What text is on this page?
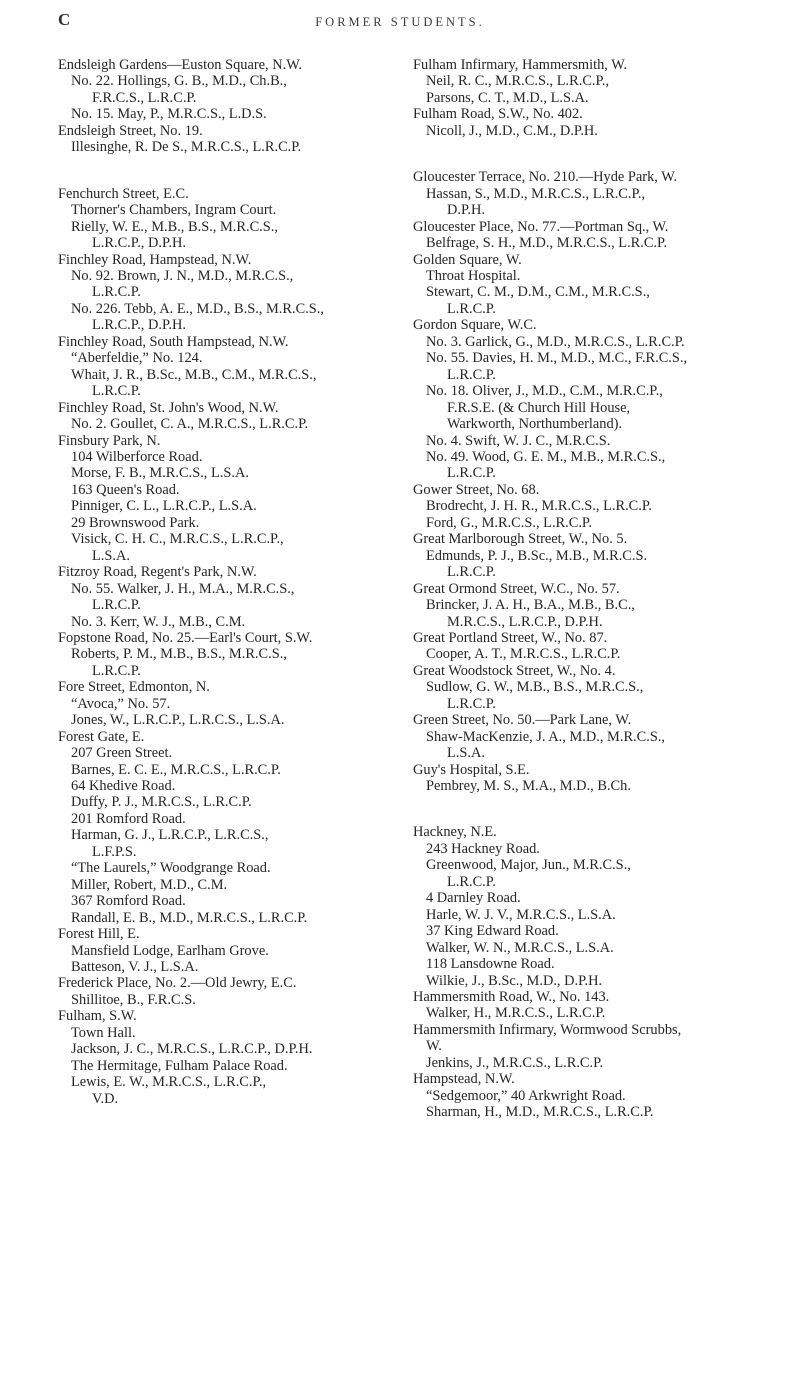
C	FORMER STUDENTS.
Endsleigh Gardens—Euston Square, N.W.
No. 22. Hollings, G. B., M.D., Ch.B.,
F.R.C.S., L.R.C.P.
No. 15. May, P., M.R.C.S., L.D.S.
Endsleigh Street, No. 19.
Illesinghe, R. De S., M.R.C.S., L.R.C.P.
Fenchurch Street, E.C.
Thorner's Chambers, Ingram Court.
Rielly, W. E., M.B., B.S., M.R.C.S.,
L.R.C.P., D.P.H.
Finchley Road, Hampstead, N.W.
No. 92. Brown, J. N., M.D., M.R.C.S.,
L.R.C.P.
No. 226. Tebb, A. E., M.D., B.S., M.R.C.S.,
L.R.C.P., D.P.H.
Finchley Road, South Hampstead, N.W.
“Aberfeldie,” No. 124.
Whait, J. R., B.Sc., M.B., C.M., M.R.C.S.,
L.R.C.P.
Finchley Road, St. John's Wood, N.W.
No. 2. Goullet, C. A., M.R.C.S., L.R.C.P.
Finsbury Park, N.
104 Wilberforce Road.
Morse, F. B., M.R.C.S., L.S.A.
163 Queen's Road.
Pinniger, C. L., L.R.C.P., L.S.A.
29 Brownswood Park.
Visick, C. H. C., M.R.C.S., L.R.C.P.,
L.S.A.
Fitzroy Road, Regent's Park, N.W.
No. 55. Walker, J. H., M.A., M.R.C.S.,
L.R.C.P.
No. 3. Kerr, W. J., M.B., C.M.
Fopstone Road, No. 25.—Earl's Court, S.W.
Roberts, P. M., M.B., B.S., M.R.C.S.,
L.R.C.P.
Fore Street, Edmonton, N.
“Avoca,” No. 57.
Jones, W., L.R.C.P., L.R.C.S., L.S.A.
Forest Gate, E.
207 Green Street.
Barnes, E. C. E., M.R.C.S., L.R.C.P.
64 Khedive Road.
Duffy, P. J., M.R.C.S., L.R.C.P.
201 Romford Road.
Harman, G. J., L.R.C.P., L.R.C.S.,
L.F.P.S.
“The Laurels,” Woodgrange Road.
Miller, Robert, M.D., C.M.
367 Romford Road.
Randall, E. B., M.D., M.R.C.S., L.R.C.P.
Forest Hill, E.
Mansfield Lodge, Earlham Grove.
Batteson, V. J., L.S.A.
Frederick Place, No. 2.—Old Jewry, E.C.
Shillitoe, B., F.R.C.S.
Fulham, S.W.
Town Hall.
Jackson, J. C., M.R.C.S., L.R.C.P., D.P.H.
The Hermitage, Fulham Palace Road.
Lewis, E. W., M.R.C.S., L.R.C.P.,
V.D.
Fulham Infirmary, Hammersmith, W.
Neil, R. C., M.R.C.S., L.R.C.P.,
Parsons, C. T., M.D., L.S.A.
Fulham Road, S.W., No. 402.
Nicoll, J., M.D., C.M., D.P.H.
Gloucester Terrace, No. 210.—Hyde Park, W.
Hassan, S., M.D., M.R.C.S., L.R.C.P.,
D.P.H.
Gloucester Place, No. 77.—Portman Sq., W.
Belfrage, S. H., M.D., M.R.C.S., L.R.C.P.
Golden Square, W.
Throat Hospital.
Stewart, C. M., D.M., C.M., M.R.C.S.,
L.R.C.P.
Gordon Square, W.C.
No. 3. Garlick, G., M.D., M.R.C.S., L.R.C.P.
No. 55. Davies, H. M., M.D., M.C., F.R.C.S.,
L.R.C.P.
No. 18. Oliver, J., M.D., C.M., M.R.C.P.,
F.R.S.E. (& Church Hill House,
Warkworth, Northumberland).
No. 4. Swift, W. J. C., M.R.C.S.
No. 49. Wood, G. E. M., M.B., M.R.C.S.,
L.R.C.P.
Gower Street, No. 68.
Brodrecht, J. H. R., M.R.C.S., L.R.C.P.
Ford, G., M.R.C.S., L.R.C.P.
Great Marlborough Street, W., No. 5.
Edmunds, P. J., B.Sc., M.B., M.R.C.S.
L.R.C.P.
Great Ormond Street, W.C., No. 57.
Brincker, J. A. H., B.A., M.B., B.C.,
M.R.C.S., L.R.C.P., D.P.H.
Great Portland Street, W., No. 87.
Cooper, A. T., M.R.C.S., L.R.C.P.
Great Woodstock Street, W., No. 4.
Sudlow, G. W., M.B., B.S., M.R.C.S.,
L.R.C.P.
Green Street, No. 50.—Park Lane, W.
Shaw-MacKenzie, J. A., M.D., M.R.C.S.,
L.S.A.
Guy's Hospital, S.E.
Pembrey, M. S., M.A., M.D., B.Ch.
Hackney, N.E.
243 Hackney Road.
Greenwood, Major, Jun., M.R.C.S.,
L.R.C.P.
4 Darnley Road.
Harle, W. J. V., M.R.C.S., L.S.A.
37 King Edward Road.
Walker, W. N., M.R.C.S., L.S.A.
118 Lansdowne Road.
Wilkie, J., B.Sc., M.D., D.P.H.
Hammersmith Road, W., No. 143.
Walker, H., M.R.C.S., L.R.C.P.
Hammersmith Infirmary, Wormwood Scrubbs,
W.
Jenkins, J., M.R.C.S., L.R.C.P.
Hampstead, N.W.
“Sedgemoor,” 40 Arkwright Road.
Sharman, H., M.D., M.R.C.S., L.R.C.P.
